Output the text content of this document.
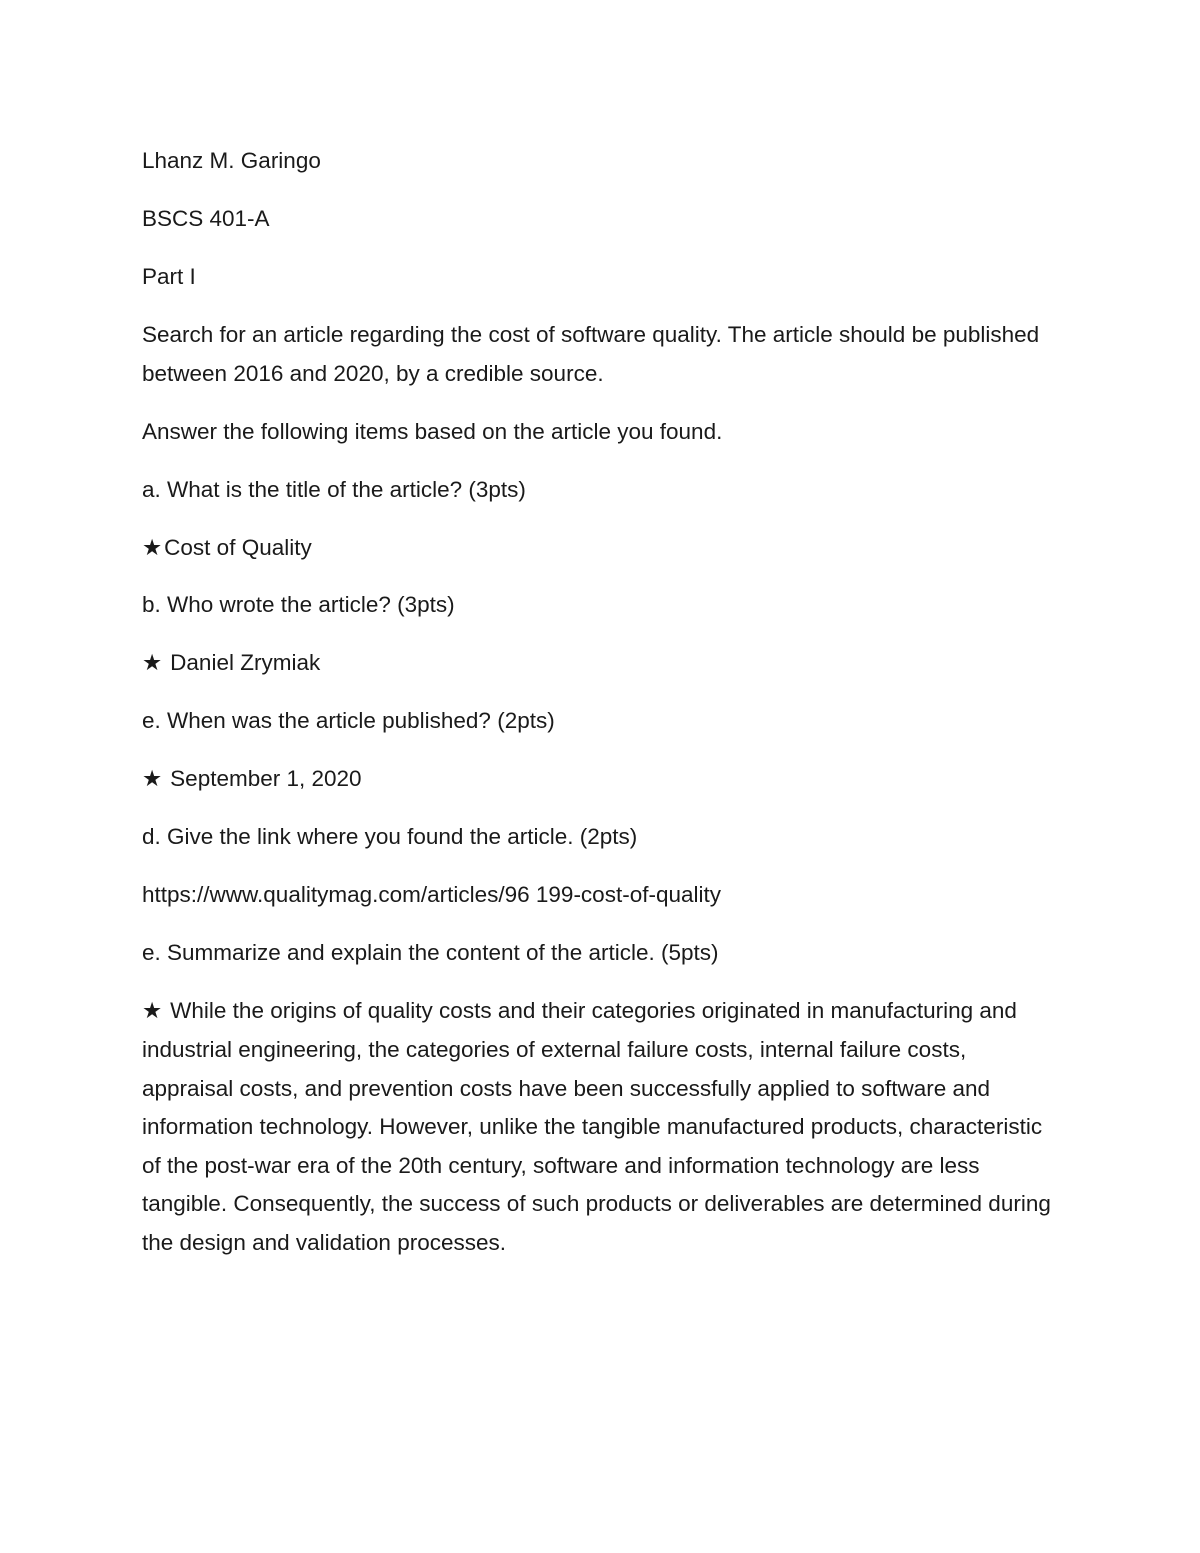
Lhanz M. Garingo

BSCS 401-A

Part I

Search for an article regarding the cost of software quality. The article should be published between 2016 and 2020, by a credible source.

Answer the following items based on the article you found.

a. What is the title of the article? (3pts)

★Cost of Quality

b. Who wrote the article? (3pts)

★ Daniel Zrymiak

e. When was the article published? (2pts)

★ September 1, 2020

d. Give the link where you found the article. (2pts)

https://www.qualitymag.com/articles/96 199-cost-of-quality

e. Summarize and explain the content of the article. (5pts)

★ While the origins of quality costs and their categories originated in manufacturing and industrial engineering, the categories of external failure costs, internal failure costs, appraisal costs, and prevention costs have been successfully applied to software and information technology. However, unlike the tangible manufactured products, characteristic of the post-war era of the 20th century, software and information technology are less tangible. Consequently, the success of such products or deliverables are determined during the design and validation processes.
